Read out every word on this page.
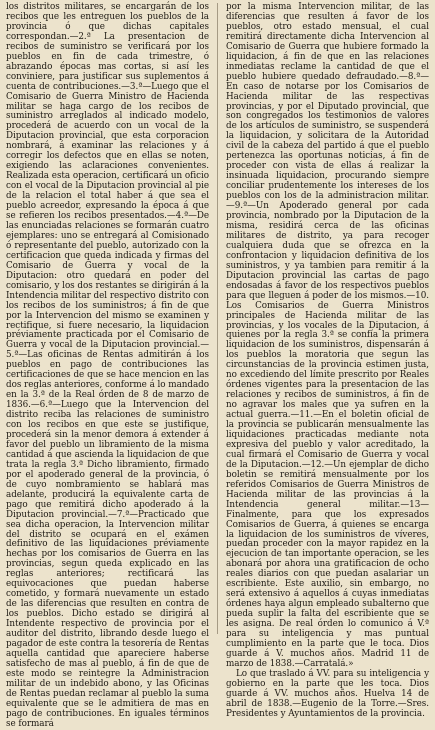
los distritos militares, se encargarán de los recibos que les entreguen los pueblos de la provincia ó que dichas capitales correspondan.—2.ª La presentacion de recibos de suministro se verificará por los pueblos en fin de cada trimestre, ó abrazando épocas mas cortas, si así les conviniere, para justificar sus suplementos á cuenta de contribuciones.—3.ª—Luego que el Comisario de Guerra Ministro de Hacienda militar se haga cargo de los recibos de suministro arreglados al indicado modelo, procederá de acuerdo con un vocal de la Diputacion provincial, que esta corporacion nombrará, á examinar las relaciones y á corregir los defectos que en ellas se noten, exigiendo las aclaraciones convenientes. Realizada esta operacion, certificará un oficio con el vocal de la Diputacion provincial al pie de la relacion el total haber á que sea el pueblo acreedor, expresando la época á que se refieren los recibos presentados.—4.ª—De las enunciadas relaciones se formarán cuatro ejemplares: uno se entregará al Comisionado ó representante del pueblo, autorizado con la certificacion que queda indicada y firmas del Comisario de Guerra y vocal de la Diputacion: otro quedará en poder del comisario, y los dos restantes se dirigirán á la Intendencia militar del respectivo distrito con los recibos de los suministros; á fin de que por la Intervencion del mismo se examinen y rectifique, si fuere necesario, la liquidacion préviamente practicada por el Comisario de Guerra y vocal de la Diputacion provincial.—5.ª—Las oficinas de Rentas admitirán á los pueblos en pago de contribuciones las certificaciones de que se hace mencion en las dos reglas anteriores, conforme á lo mandado en la 3.ª de la Real órden de 8 de marzo de 1836.—6.ª—Luego que la Intervencion del distrito reciba las relaciones de suministro con los recibos en que este se justifique, procederá sin la menor demora á extender á favor del pueblo un libramiento de la misma cantidad á que ascienda la liquidacion de que trata la regla 3.ª Dicho libramiento, firmado por el apoderado general de la provincia, ó de cuyo nombramiento se hablará mas adelante, producirá la equivalente carta de pago que remitirá dicho apoderado á la Diputacion provincial.—7.ª—Practicado que sea dicha operacion, la Intervencion militar del distrito se ocupará en el exámen definitivo de las liquidaciones préviamente hechas por los comisarios de Guerra en las provincias, segun queda explicado en las reglas anteriores; rectificará las equivocaciones que puedan haberse cometido, y formará nuevamente un estado de las diferencias que resulten en contra de los pueblos. Dicho estado se dirigirá al Intendente respectivo de provincia por el auditor del distrito, librando desde luego el pagador de este contra la tesorería de Rentas aquella cantidad que apareciere haberse satisfecho de mas al pueblo, á fin de que de este modo se reintegre la Administracion militar de un indebido abono, y las Oficinas de Rentas puedan reclamar al pueblo la suma equivalente que se le admitiera de mas en pago de contribuciones. En iguales términos se formará

por la misma Intervencion militar, de las diferencias que resulten á favor de los pueblos, otro estado mensual, el cual remitirá directamente dicha Intervencion al Comisario de Guerra que hubiere formado la liquidacion, á fin de que en las relaciones inmediatas reclame la cantidad de que el pueblo hubiere quedado defraudado.—8.ª—En caso de notarse por los Comisarios de Hacienda militar de las respectivas provincias, y por el Diputado provincial, que son congregados los testimonios de valores de los artículos de suministro, se suspenderá la liquidacion, y solicitara de la Autoridad civil de la cabeza del partido á que el pueblo pertenezca las oportunas noticias, á fin de proceder con vista de ellas á realizar la insinuada liquidacion, procurando siempre conciliar prudentemente los intereses de los pueblos con los de la administracion militar.—9.ª—Un Apoderado general por cada provincia, nombrado por la Diputacion de la misma, residirá cerca de las oficinas militares de distrito, ya para recoger cualquiera duda que se ofrezca en la confrontacion y liquidacion definitiva de los suministros, y ya tambien para remitir á la Diputacion provincial las cartas de pago endosadas á favor de los respectivos pueblos para que lleguen á poder de los mismos.—10. Los Comisarios de Guerra Ministros principales de Hacienda militar de las provincias, y los vocales de la Diputacion, á quienes por la regla 3.ª se confía la primera liquidacion de los suministros, dispensarán á los pueblos la moratoria que segun las circunstancias de la provincia estimen justa, no excediendo del límite prescrito por Reales órdenes vigentes para la presentacion de las relaciones y recibos de suministros, á fin de no agravar los males que ya sufren en la actual guerra.—11.—En el boletin oficial de la provincia se publicarán mensualmente las liquidaciones practicadas mediante nota expresiva del pueblo y valor acreditado, la cual firmará el Comisario de Guerra y vocal de la Diputacion.—12.—Un ejemplar de dicho boletin se remitirá mensualmente por los referidos Comisarios de Guerra Ministros de Hacienda militar de las provincias á la Intendencia general militar.—13—Finalmente, para que los expresados Comisarios de Guerra, á quienes se encarga la liquidacion de los suministros de víveres, puedan proceder con la mayor rapidez en la ejecucion de tan importante operacion, se les abonará por ahora una gratificacion de ocho reales diarios con que puedan asalariar un escribiente. Este auxilio, sin embargo, no será extensivo á aquellos á cuyas inmediatas órdenes haya algun empleado subalterno que pueda suplir la falta del escribiente que se les asigna. De real órden lo comunico á V.ª para su inteligencia y mas puntual cumplimiento en la parte que le toca. Dios guarde á V. muchos años. Madrid 11 de marzo de 1838.—Carratalá.»

Lo que traslado á VV. para su inteligencia y gobierno en la parte que les toca. Dios guarde á VV. muchos años. Huelva 14 de abril de 1838.—Eugenio de la Torre.—Sres. Presidentes y Ayuntamientos de la provincia.
